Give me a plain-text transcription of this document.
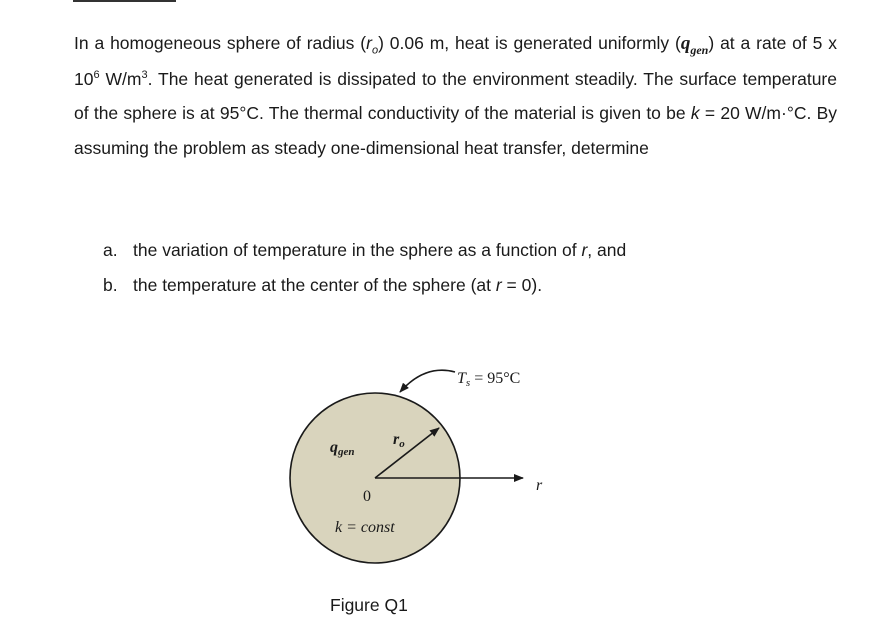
In a homogeneous sphere of radius $(r_o)$ 0.06 m, heat is generated uniformly $(q_{gen})$ at a rate of 5 x $10^6$ $W/m^3$. The heat generated is dissipated to the environment steadily. The surface temperature of the sphere is at 95°C. The thermal conductivity of the material is given to be k = 20 W/m·°C. By assuming the problem as steady one-dimensional heat transfer, determine
a. the variation of temperature in the sphere as a function of r, and
b. the temperature at the center of the sphere (at r = 0).
Ts = 95°C
qgen
ro
0
k = const
r
Figure Q1
